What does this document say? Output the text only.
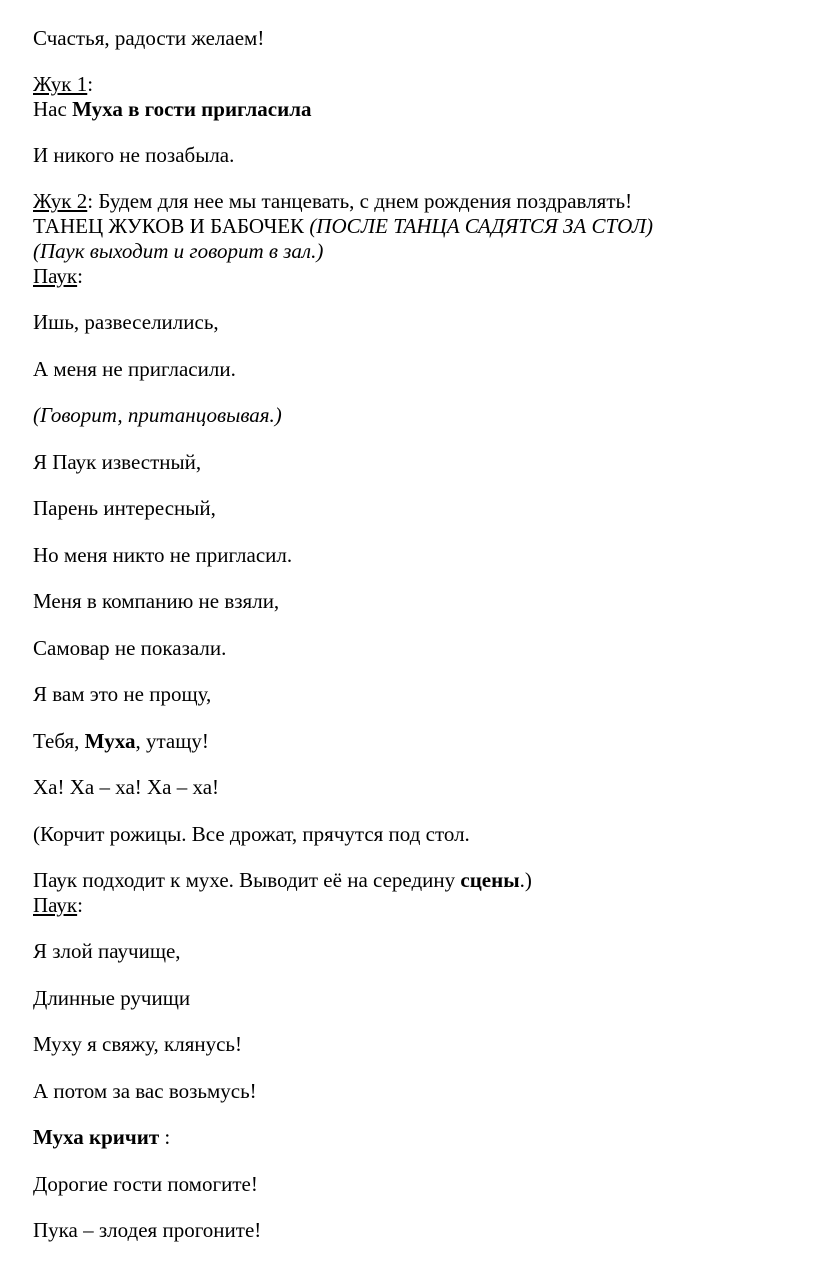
Счастья, радости желаем!
Жук 1:
Нас Муха в гости пригласила
И никого не позабыла.
Жук 2: Будем для нее мы танцевать, с днем рождения поздравлять!
ТАНЕЦ ЖУКОВ И БАБОЧЕК (ПОСЛЕ ТАНЦА САДЯТСЯ ЗА СТОЛ)
(Паук выходит и говорит в зал.)
Паук:
Ишь, развеселились,
А меня не пригласили.
(Говорит, пританцовывая.)
Я Паук известный,
Парень интересный,
Но меня никто не пригласил.
Меня в компанию не взяли,
Самовар не показали.
Я вам это не прощу,
Тебя, Муха, утащу!
Ха! Ха – ха! Ха – ха!
(Корчит рожицы. Все дрожат, прячутся под стол.
Паук подходит к мухе. Выводит её на середину сцены.)
Паук:
Я злой паучище,
Длинные ручищи
Муху я свяжу, клянусь!
А потом за вас возьмусь!
Муха кричит :
Дорогие гости помогите!
Пука – злодея прогоните!
